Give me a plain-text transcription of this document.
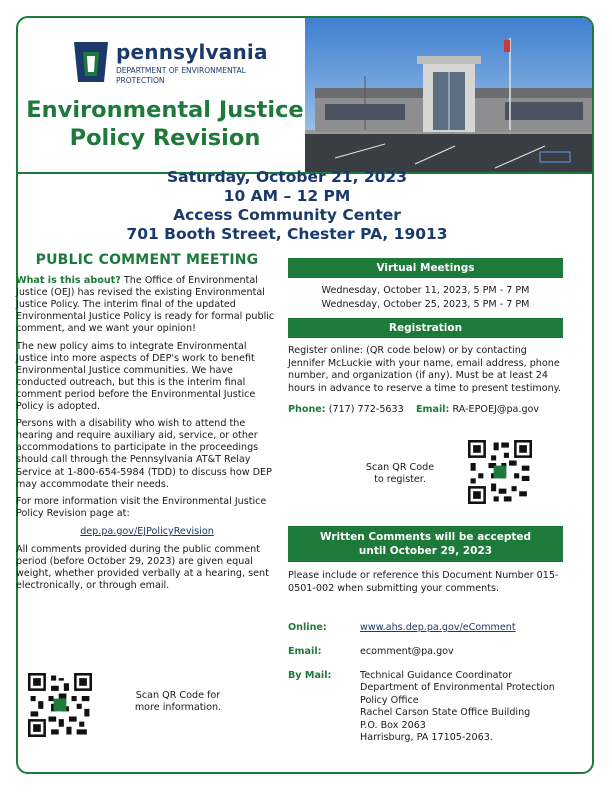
pennsylvania
DEPARTMENT OF ENVIRONMENTAL
PROTECTION
Environmental Justice
Policy Revision
Saturday, October 21, 2023
10 AM – 12 PM
Access Community Center
701 Booth Street, Chester PA, 19013
PUBLIC COMMENT MEETING

What is this about? The Office of Environmental Justice (OEJ) has revised the existing Environmental Justice Policy. The interim final of the updated Environmental Justice Policy is ready for formal public comment, and we want your opinion!

The new policy aims to integrate Environmental Justice into more aspects of DEP's work to benefit Environmental Justice communities. We have conducted outreach, but this is the interim final comment period before the Environmental Justice Policy is adopted.

Persons with a disability who wish to attend the hearing and require auxiliary aid, service, or other accommodations to participate in the proceedings should call through the Pennsylvania AT&T Relay Service at 1-800-654-5984 (TDD) to discuss how DEP may accommodate their needs.

For more information visit the Environmental Justice Policy Revision page at:

dep.pa.gov/EJPolicyRevision

All comments provided during the public comment period (before October 29, 2023) are given equal weight, whether provided verbally at a hearing, sent electronically, or through email.

Scan QR Code for
more information.
Virtual Meetings
Wednesday, October 11, 2023, 5 PM - 7 PM
Wednesday, October 25, 2023, 5 PM - 7 PM
Registration
Register online: (QR code below) or by contacting Jennifer McLuckie with your name, email address, phone number, and organization (if any). Must be at least 24 hours in advance to reserve a time to present testimony.
Phone: (717) 772-5633 Email: RA-EPOEJ@pa.gov
Scan QR Code
to register.
Written Comments will be accepted
until October 29, 2023
Please include or reference this Document Number 015-0501-002 when submitting your comments.
Online:	www.ahs.dep.pa.gov/eComment
Email:	ecomment@pa.gov
By Mail:	Technical Guidance Coordinator
Department of Environmental Protection
Policy Office
Rachel Carson State Office Building
P.O. Box 2063
Harrisburg, PA 17105-2063.
